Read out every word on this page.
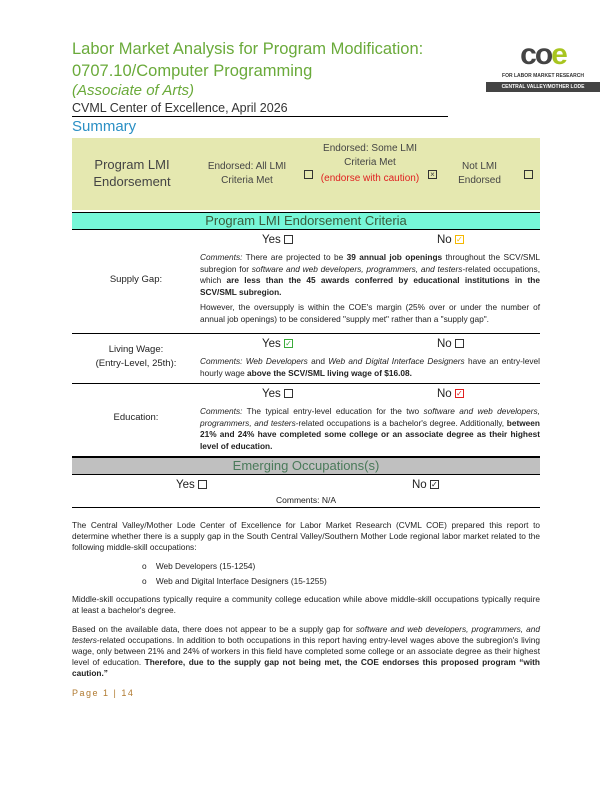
Labor Market Analysis for Program Modification:
0707.10/Computer Programming
(Associate of Arts)
CVML Center of Excellence, April 2026
Summary
coe
FOR LABOR MARKET RESEARCH
CENTRAL VALLEY/MOTHER LODE
Program LMI Endorsement
Endorsed: All LMI Criteria Met
Endorsed: Some LMI Criteria Met
(endorse with caution) ×
Not LMI Endorsed
Program LMI Endorsement Criteria
Supply Gap:
Yes	No ✓

Comments: There are projected to be 39 annual job openings throughout the SCV/SML subregion for software and web developers, programmers, and testers-related occupations, which are less than the 45 awards conferred by educational institutions in the SCV/SML subregion.

However, the oversupply is within the COE's margin (25% over or under the number of annual job openings) to be considered "supply met" rather than a "supply gap".

Living Wage:
(Entry-Level, 25th):
Yes ✓	No
Comments: Web Developers and Web and Digital Interface Designers have an entry-level hourly wage above the SCV/SML living wage of $16.08.
Education:
Yes	No ✓
Comments: The typical entry-level education for the two software and web developers, programmers, and testers-related occupations is a bachelor's degree. Additionally, between 21% and 24% have completed some college or an associate degree as their highest level of education.
Emerging Occupations(s)
Yes	No ✓
Comments: N/A

The Central Valley/Mother Lode Center of Excellence for Labor Market Research (CVML COE) prepared this report to determine whether there is a supply gap in the South Central Valley/Southern Mother Lode regional labor market related to the following middle-skill occupations:

o    Web Developers (15-1254)
o    Web and Digital Interface Designers (15-1255)

Middle-skill occupations typically require a community college education while above middle-skill occupations typically require at least a bachelor's degree.

Based on the available data, there does not appear to be a supply gap for software and web developers, programmers, and testers-related occupations. In addition to both occupations in this report having entry-level wages above the subregion's living wage, only between 21% and 24% of workers in this field have completed some college or an associate degree as their highest level of education. Therefore, due to the supply gap not being met, the COE endorses this proposed program “with caution.”

Page 1 | 14
